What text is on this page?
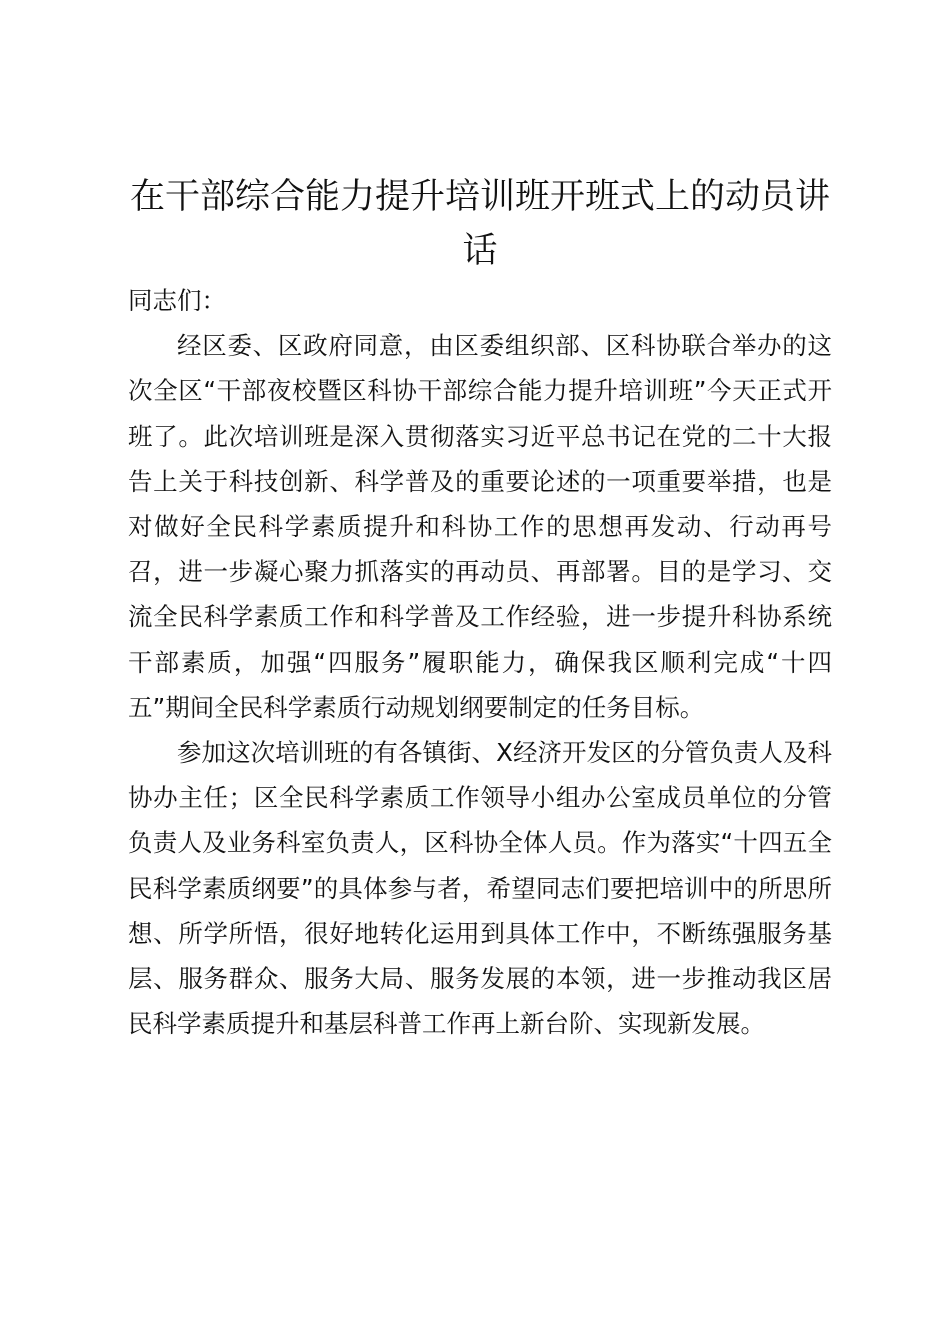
在干部综合能力提升培训班开班式上的动员讲话

同志们：

经区委、区政府同意，由区委组织部、区科协联合举办的这次全区“干部夜校暨区科协干部综合能力提升培训班”今天正式开班了。此次培训班是深入贯彻落实习近平总书记在党的二十大报告上关于科技创新、科学普及的重要论述的一项重要举措，也是对做好全民科学素质提升和科协工作的思想再发动、行动再号召，进一步凝心聚力抓落实的再动员、再部署。目的是学习、交流全民科学素质工作和科学普及工作经验，进一步提升科协系统干部素质，加强“四服务”履职能力，确保我区顺利完成“十四五”期间全民科学素质行动规划纲要制定的任务目标。

参加这次培训班的有各镇街、X经济开发区的分管负责人及科协办主任；区全民科学素质工作领导小组办公室成员单位的分管负责人及业务科室负责人，区科协全体人员。作为落实“十四五全民科学素质纲要”的具体参与者，希望同志们要把培训中的所思所想、所学所悟，很好地转化运用到具体工作中，不断练强服务基层、服务群众、服务大局、服务发展的本领，进一步推动我区居民科学素质提升和基层科普工作再上新台阶、实现新发展。
